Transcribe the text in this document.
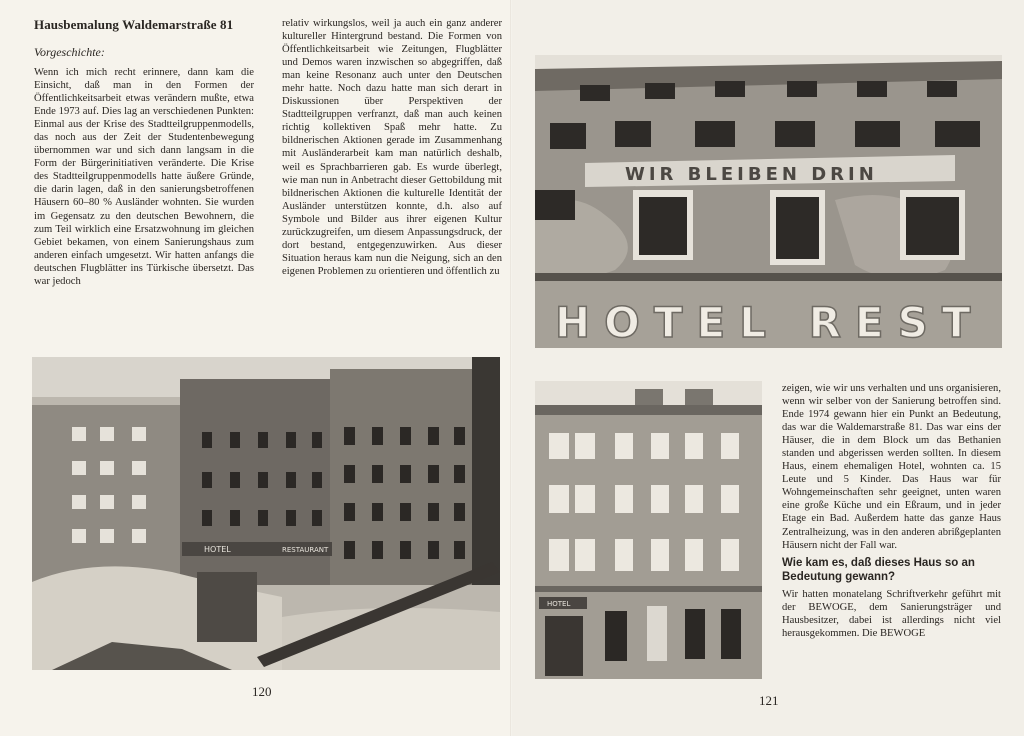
Hausbemalung Waldemarstraße 81
Vorgeschichte:

Wenn ich mich recht erinnere, dann kam die Einsicht, daß man in den Formen der Öffentlichkeitsarbeit etwas verändern mußte, etwa Ende 1973 auf. Dies lag an verschiedenen Punkten: Einmal aus der Krise des Stadtteilgruppenmodells, das noch aus der Zeit der Studentenbewegung übernommen war und sich dann langsam in die Form der Bürgerinitiativen veränderte. Die Krise des Stadtteilgruppenmodells hatte äußere Gründe, die darin lagen, daß in den sanierungsbetroffenen Häusern 60–80 % Ausländer wohnten. Sie wurden im Gegensatz zu den deutschen Bewohnern, die zum Teil wirklich eine Ersatzwohnung im gleichen Gebiet bekamen, von einem Sanierungshaus zum anderen einfach umgesetzt. Wir hatten anfangs die deutschen Flugblätter ins Türkische übersetzt. Das war jedoch

relativ wirkungslos, weil ja auch ein ganz anderer kultureller Hintergrund bestand. Die Formen von Öffentlichkeitsarbeit wie Zeitungen, Flugblätter und Demos waren inzwischen so abgegriffen, daß man keine Resonanz auch unter den Deutschen mehr hatte. Noch dazu hatte man sich derart in Diskussionen über Perspektiven der Stadtteilgruppen verfranzt, daß man auch keinen richtig kollektiven Spaß mehr hatte. Zu bildnerischen Aktionen gerade im Zusammenhang mit Ausländerarbeit kam man natürlich deshalb, weil es Sprachbarrieren gab. Es wurde überlegt, wie man nun in Anbetracht dieser Gettobildung mit bildnerischen Aktionen die kulturelle Identität der Ausländer unterstützen konnte, d.h. also auf Symbole und Bilder aus ihrer eigenen Kultur zurückzugreifen, um diesem Anpassungsdruck, der dort bestand, entgegenzuwirken. Aus dieser Situation heraus kam nun die Neigung, sich an den eigenen Problemen zu orientieren und öffentlich zu

HOTEL	RESTAURANT
120
WIR BLEIBEN DRIN
HOTEL REST
HOTEL

zeigen, wie wir uns verhalten und uns organisieren, wenn wir selber von der Sanierung betroffen sind. Ende 1974 gewann hier ein Punkt an Bedeutung, das war die Waldemarstraße 81. Das war eins der Häuser, die in dem Block um das Bethanien standen und abgerissen werden sollten. In diesem Haus, einem ehemaligen Hotel, wohnten ca. 15 Leute und 5 Kinder. Das Haus war für Wohngemeinschaften sehr geeignet, unten waren eine große Küche und ein Eßraum, und in jeder Etage ein Bad. Außerdem hatte das ganze Haus Zentralheizung, was in den anderen abrißgeplanten Häusern nicht der Fall war.

Wie kam es, daß dieses Haus so an Bedeutung gewann?

Wir hatten monatelang Schriftverkehr geführt mit der BEWOGE, dem Sanierungsträger und Hausbesitzer, dabei ist allerdings nicht viel herausgekommen. Die BEWOGE

121
